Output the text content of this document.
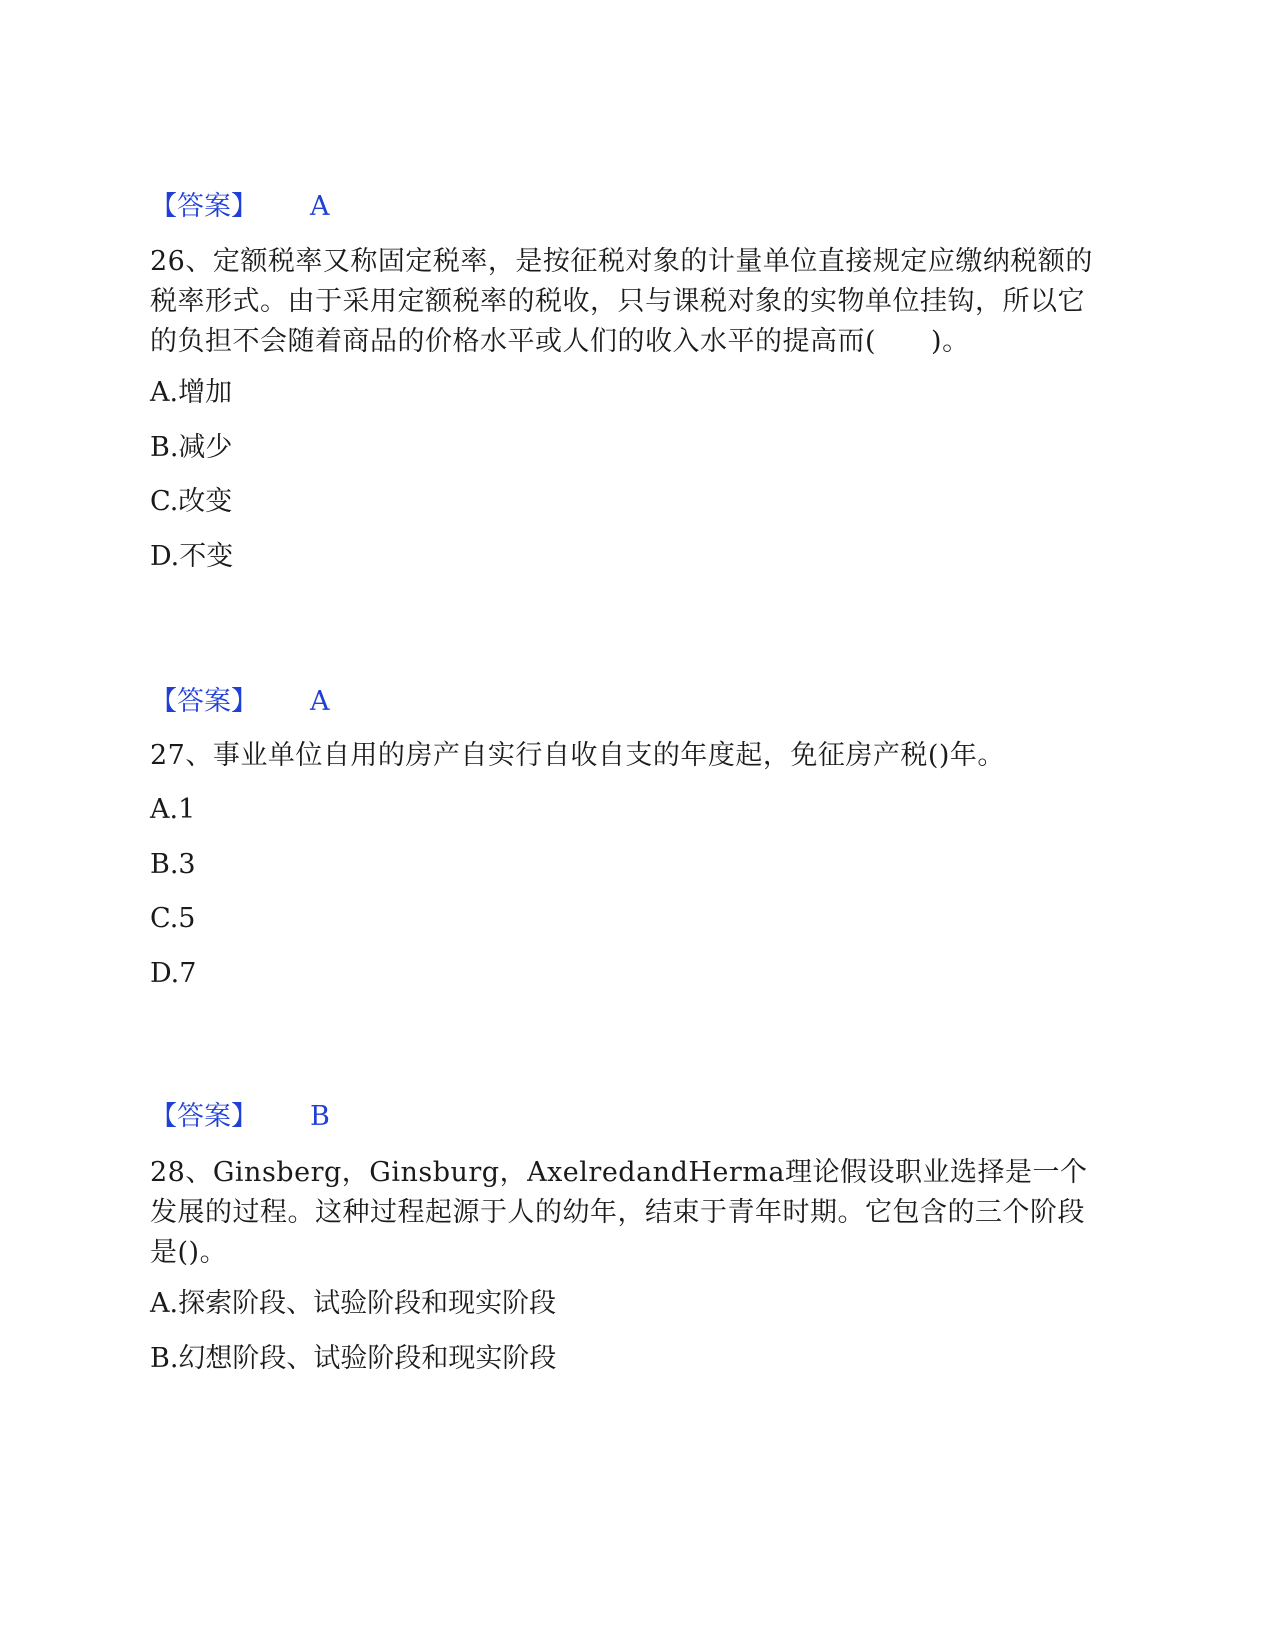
【答案】 A
26、定额税率又称固定税率，是按征税对象的计量单位直接规定应缴纳税额的税率形式。由于采用定额税率的税收，只与课税对象的实物单位挂钩，所以它的负担不会随着商品的价格水平或人们的收入水平的提高而(　　)。
A.增加
B.减少
C.改变
D.不变
【答案】 A
27、事业单位自用的房产自实行自收自支的年度起，免征房产税()年。
A.1
B.3
C.5
D.7
【答案】 B
28、Ginsberg，Ginsburg，AxelredandHerma理论假设职业选择是一个发展的过程。这种过程起源于人的幼年，结束于青年时期。它包含的三个阶段是()。
A.探索阶段、试验阶段和现实阶段
B.幻想阶段、试验阶段和现实阶段
